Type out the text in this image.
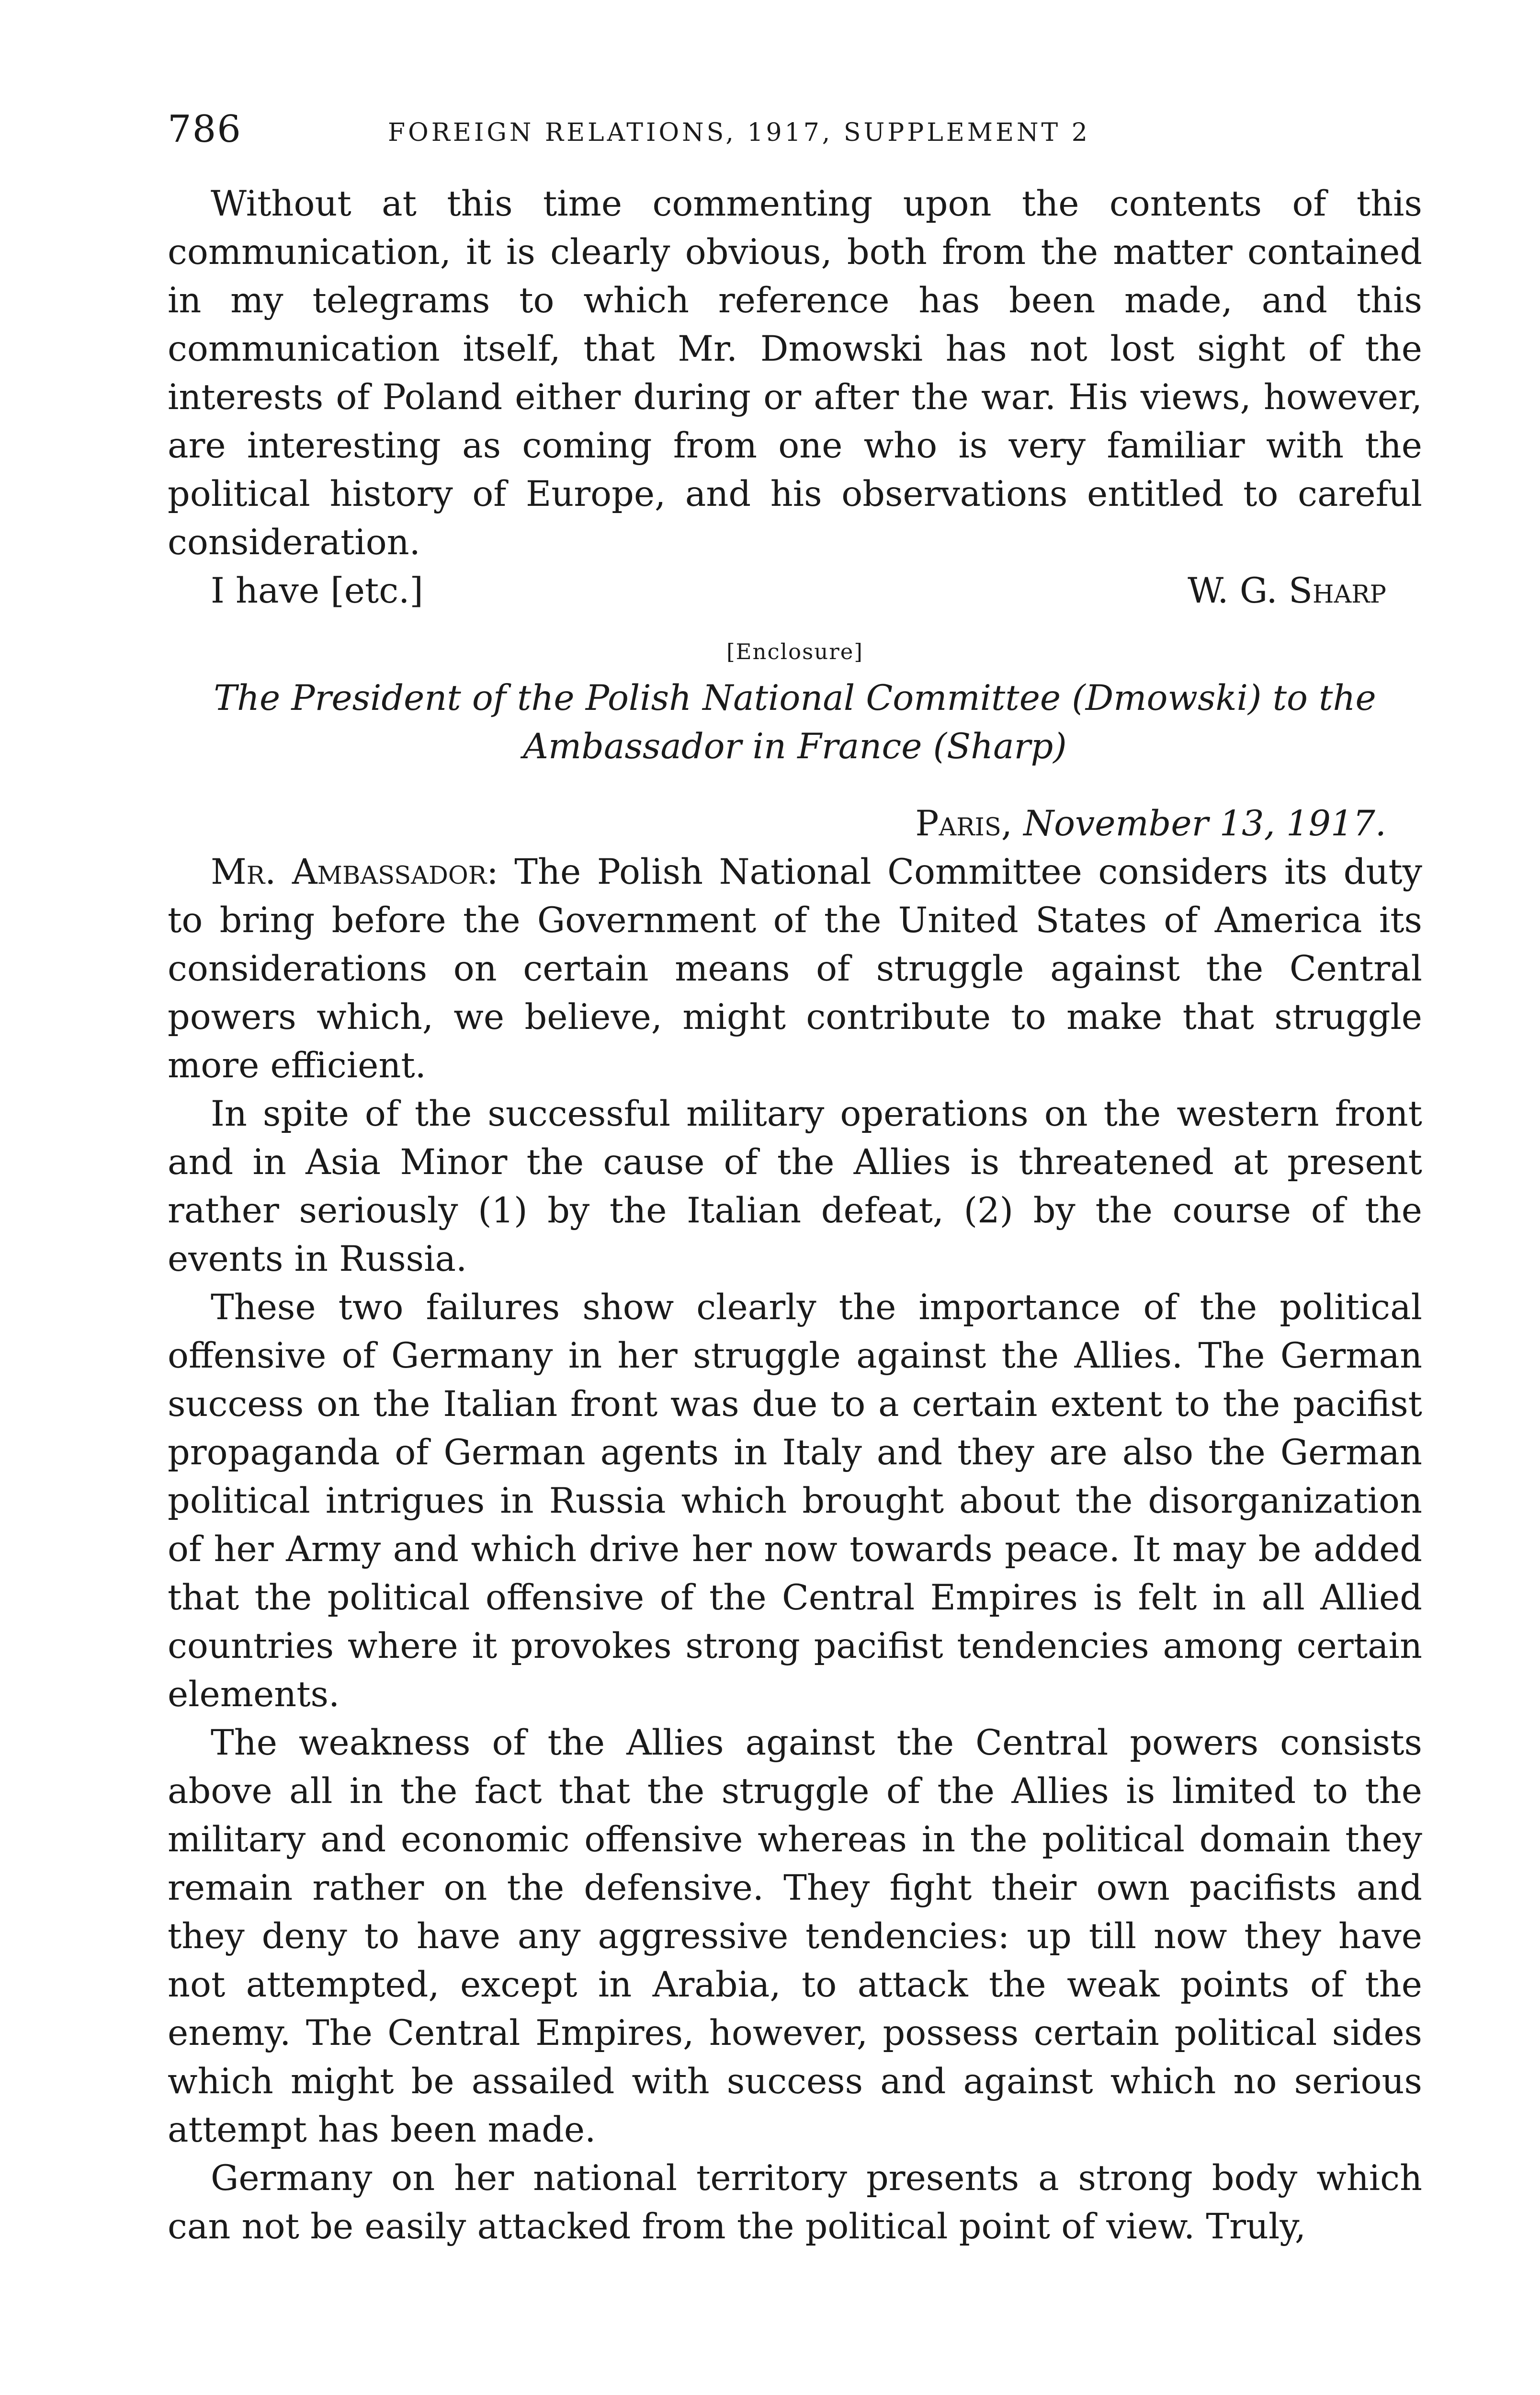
786	FOREIGN RELATIONS, 1917, SUPPLEMENT 2

Without at this time commenting upon the contents of this communication, it is clearly obvious, both from the matter contained in my telegrams to which reference has been made, and this communication itself, that Mr. Dmowski has not lost sight of the interests of Poland either during or after the war. His views, however, are interesting as coming from one who is very familiar with the political history of Europe, and his observations entitled to careful consideration.

I have [etc.]	W. G. Sharp
[Enclosure]
The President of the Polish National Committee (Dmowski) to the Ambassador in France (Sharp)
Paris, November 13, 1917.

Mr. Ambassador: The Polish National Committee considers its duty to bring before the Government of the United States of America its considerations on certain means of struggle against the Central powers which, we believe, might contribute to make that struggle more efficient.

In spite of the successful military operations on the western front and in Asia Minor the cause of the Allies is threatened at present rather seriously (1) by the Italian defeat, (2) by the course of the events in Russia.

These two failures show clearly the importance of the political offensive of Germany in her struggle against the Allies. The German success on the Italian front was due to a certain extent to the pacifist propaganda of German agents in Italy and they are also the German political intrigues in Russia which brought about the disorganization of her Army and which drive her now towards peace. It may be added that the political offensive of the Central Empires is felt in all Allied countries where it provokes strong pacifist tendencies among certain elements.

The weakness of the Allies against the Central powers consists above all in the fact that the struggle of the Allies is limited to the military and economic offensive whereas in the political domain they remain rather on the defensive. They fight their own pacifists and they deny to have any aggressive tendencies: up till now they have not attempted, except in Arabia, to attack the weak points of the enemy. The Central Empires, however, possess certain political sides which might be assailed with success and against which no serious attempt has been made.

Germany on her national territory presents a strong body which can not be easily attacked from the political point of view. Truly,
